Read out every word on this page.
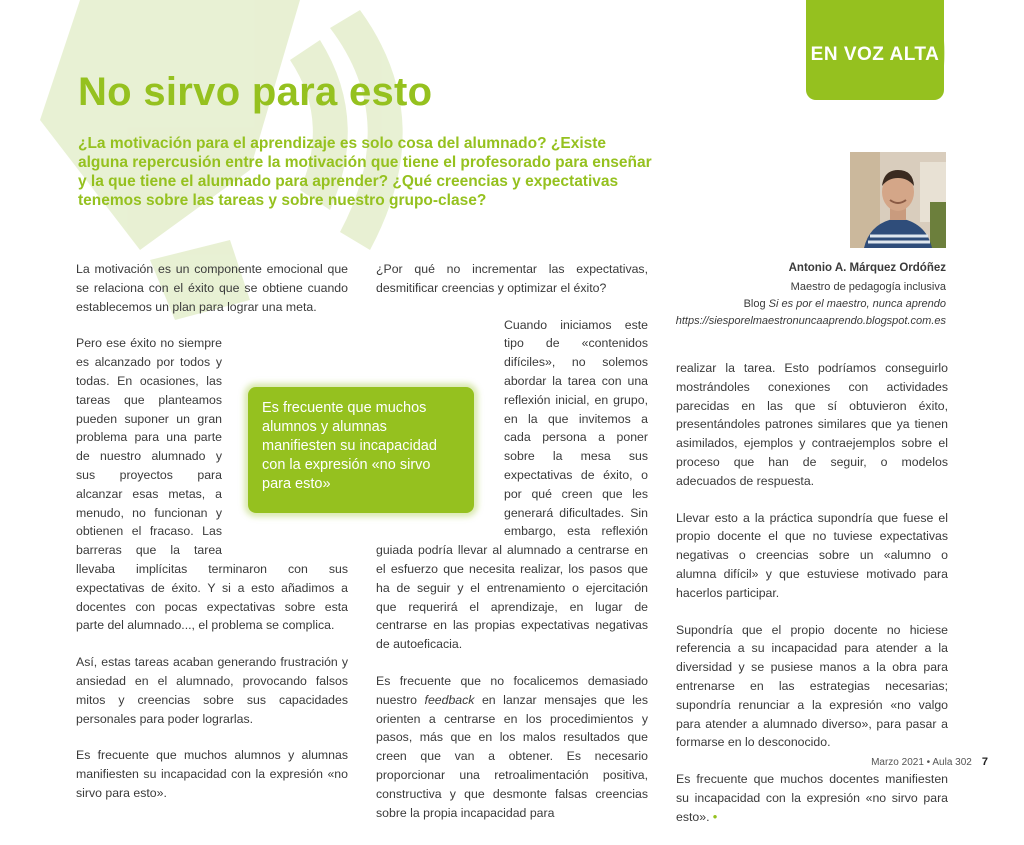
EN VOZ ALTA
No sirvo para esto

¿La motivación para el aprendizaje es solo cosa del alumnado? ¿Existe alguna repercusión entre la motivación que tiene el profesorado para enseñar y la que tiene el alumnado para aprender? ¿Qué creencias y expectativas tenemos sobre las tareas y sobre nuestro grupo-clase?

Antonio A. Márquez Ordóñez
Maestro de pedagogía inclusiva
Blog Si es por el maestro, nunca aprendo
https://siesporelmaestronuncaaprendo.blogspot.com.es

La motivación es un componente emocional que se relaciona con el éxito que se obtiene cuando establecemos un plan para lograr una meta.

Pero ese éxito no siempre es alcanzado por todos y todas. En ocasiones, las tareas que planteamos pueden suponer un gran problema para una parte de nuestro alumnado y sus proyectos para alcanzar esas metas, a menudo, no funcionan y obtienen el fracaso. Las barreras que la tarea llevaba implícitas terminaron con sus expectativas de éxito. Y si a esto añadimos a docentes con pocas expectativas sobre esta parte del alumnado..., el problema se complica.

Así, estas tareas acaban generando frustración y ansiedad en el alumnado, provocando falsos mitos y creencias sobre sus capacidades personales para poder lograrlas.

Es frecuente que muchos alumnos y alumnas manifiesten su incapacidad con la expresión «no sirvo para esto».

¿Por qué no incrementar las expectativas, desmitificar creencias y optimizar el éxito?

Cuando iniciamos este tipo de «contenidos difíciles», no solemos abordar la tarea con una reflexión inicial, en grupo, en la que invitemos a cada persona a poner sobre la mesa sus expectativas de éxito, o por qué creen que les generará dificultades. Sin embargo, esta reflexión guiada podría llevar al alumnado a centrarse en el esfuerzo que necesita realizar, los pasos que ha de seguir y el entrenamiento o ejercitación que requerirá el aprendizaje, en lugar de centrarse en las propias expectativas negativas de autoeficacia.

Es frecuente que no focalicemos demasiado nuestro feedback en lanzar mensajes que les orienten a centrarse en los procedimientos y pasos, más que en los malos resultados que creen que van a obtener. Es necesario proporcionar una retroalimentación positiva, constructiva y que desmonte falsas creencias sobre la propia incapacidad para

realizar la tarea. Esto podríamos conseguirlo mostrándoles conexiones con actividades parecidas en las que sí obtuvieron éxito, presentándoles patrones similares que ya tienen asimilados, ejemplos y contraejemplos sobre el proceso que han de seguir, o modelos adecuados de respuesta.

Llevar esto a la práctica supondría que fuese el propio docente el que no tuviese expectativas negativas o creencias sobre un «alumno o alumna difícil» y que estuviese motivado para hacerlos participar.

Supondría que el propio docente no hiciese referencia a su incapacidad para atender a la diversidad y se pusiese manos a la obra para entrenarse en las estrategias necesarias; supondría renunciar a la expresión «no valgo para atender a alumnado diverso», para pasar a formarse en lo desconocido.

Es frecuente que muchos docentes manifiesten su incapacidad con la expresión «no sirvo para esto». •

Es frecuente que muchos alumnos y alumnas manifiesten su incapacidad con la expresión «no sirvo para esto»
Marzo 2021 • Aula 302 7
